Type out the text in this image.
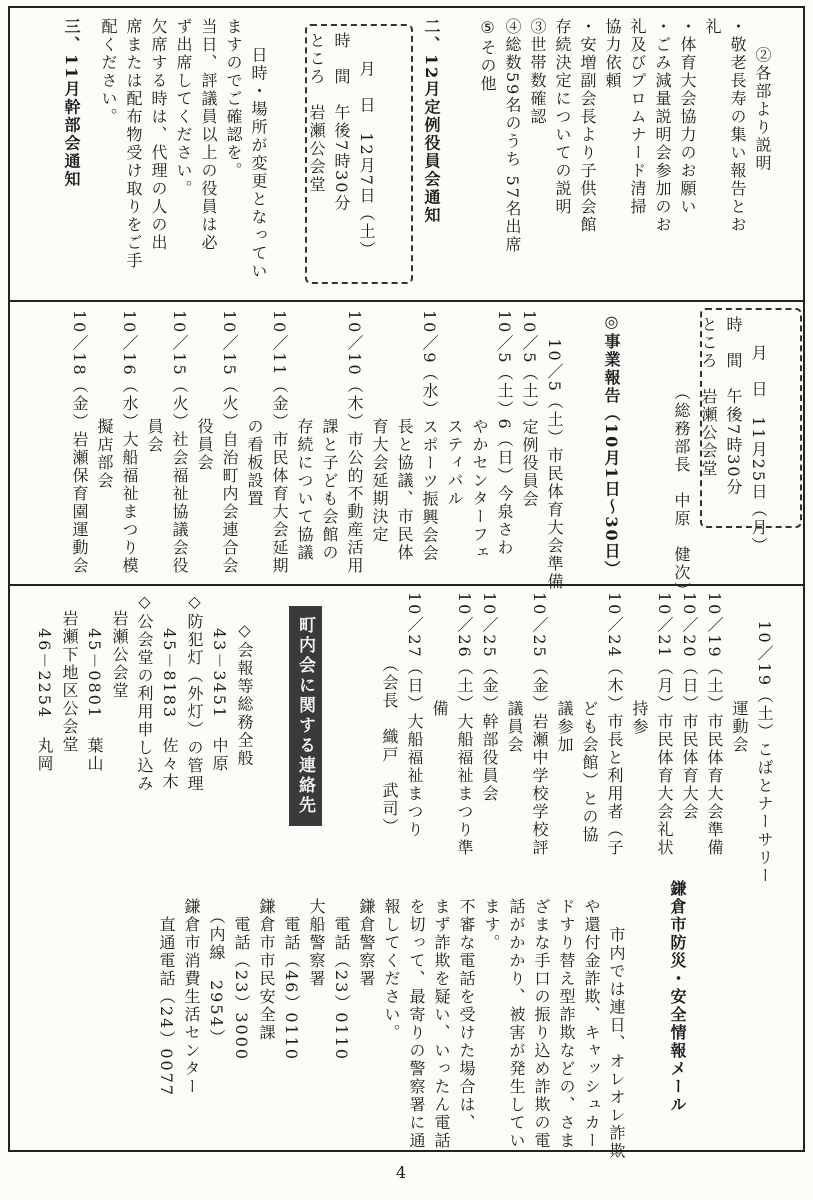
②各部より説明
・敬老長寿の集い報告とお
礼
・体育大会協力のお願い
・ごみ減量説明会参加のお
礼及びプロムナード清掃
協力依頼
・安増副会長より子供会館
存続決定についての説明
③世帯数確認
④総数59名のうち 57名出席
⑤その他

二、12月定例役員会通知

月　日　12月7日（土）
時　間　午後7時30分
ところ　岩瀬公会堂

日時・場所が変更となってい
ますのでご確認を。
当日、評議員以上の役員は必
ず出席してください。
欠席する時は、代理の人の出
席または配布物受け取りをご手
配ください。

三、11月幹部会通知

月　日　11月25日（月）
時　間　午後7時30分
ところ　岩瀬公会堂

（総務部長　中原　健次）
◎事業報告（10月1日～30日）

10／5（土）市民体育大会準備
10／5（土）定例役員会
10／5（土）6（日）今泉さわ
　　　　　　やかセンターフェ
　　　　　　スティバル
10／9（水）スポーツ振興会会
　　　　　　長と協議、市民体
　　　　　　育大会延期決定
10／10（木）市公的不動産活用
　　　　　　課と子ども会館の
　　　　　　存続について協議
10／11（金）市民体育大会延期
　　　　　　の看板設置
10／15（火）自治町内会連合会
　　　　　　役員会
10／15（火）社会福祉協議会役
　　　　　　員会
10／16（水）大船福祉まつり模
　　　　　　擬店部会
10／18（金）岩瀬保育園運動会

10／19（土）こばとナーサリー
　　　　　　運動会
10／19（土）市民体育大会準備
10／20（日）市民体育大会
10／21（月）市民体育大会礼状
　　　　　　持参
10／24（木）市長と利用者（子
　　　　　　ども会館）との協
　　　　　　議参加
10／25（金）岩瀬中学校学校評
　　　　　　議員会
10／25（金）幹部役員会
10／26（土）大船福祉まつり準
　　　　　　備
10／27（日）大船福祉まつり
　　　　（会長　織戸　武司）

町内会に関する連絡先

◇会報等総務全般
　　43－3451　中原
◇防犯灯（外灯）の管理
　　45－8183　佐々木
◇公会堂の利用申し込み
　岩瀬公会堂
　　45－0801　葉山
　岩瀬下地区公会堂
　　46－2254　丸岡

鎌倉市防災・安全情報メール

市内では連日、オレオレ詐欺
や還付金詐欺、キャッシュカー
ドすり替え型詐欺などの、さま
ざまな手口の振り込め詐欺の電
話がかかり、被害が発生してい
ます。
不審な電話を受けた場合は、
まず詐欺を疑い、いったん電話
を切って、最寄りの警察署に通
報してください。
鎌倉警察署
　電話（23）0110
大船警察署
　電話（46）0110
鎌倉市市民安全課
　電話（23）3000
　（内線　2954）
鎌倉市消費生活センター
　直通電話（24）0077

4
